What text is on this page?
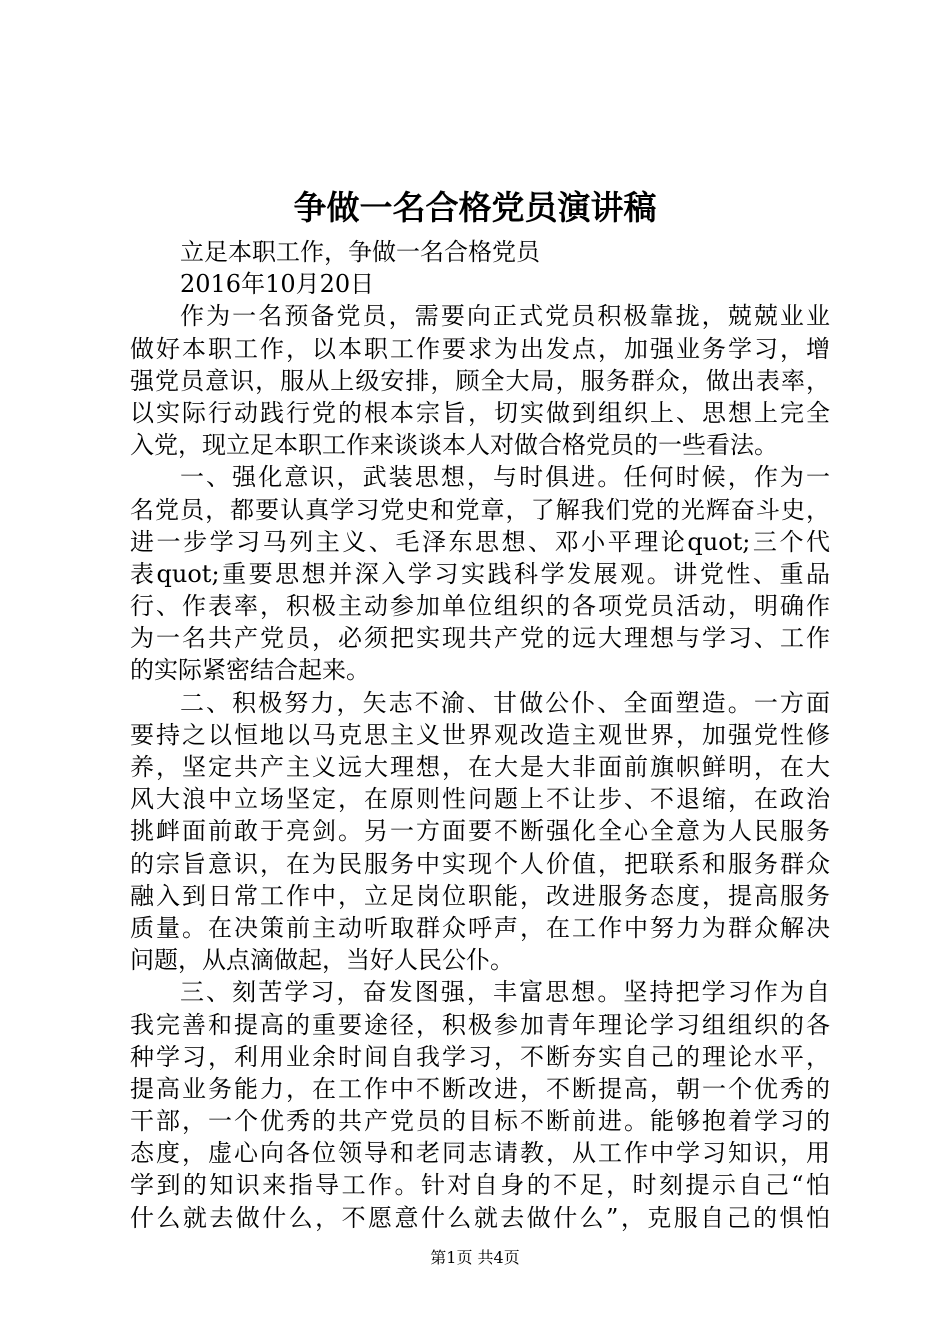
争做一名合格党员演讲稿
立足本职工作，争做一名合格党员
2016年10月20日
作为一名预备党员，需要向正式党员积极靠拢，兢兢业业
做好本职工作，以本职工作要求为出发点，加强业务学习，增
强党员意识，服从上级安排，顾全大局，服务群众，做出表率，
以实际行动践行党的根本宗旨，切实做到组织上、思想上完全
入党，现立足本职工作来谈谈本人对做合格党员的一些看法。
一、强化意识，武装思想，与时俱进。任何时候，作为一
名党员，都要认真学习党史和党章，了解我们党的光辉奋斗史，
进一步学习马列主义、毛泽东思想、邓小平理论quot;三个代
表quot;重要思想并深入学习实践科学发展观。讲党性、重品
行、作表率，积极主动参加单位组织的各项党员活动，明确作
为一名共产党员，必须把实现共产党的远大理想与学习、工作
的实际紧密结合起来。
二、积极努力，矢志不渝、甘做公仆、全面塑造。一方面
要持之以恒地以马克思主义世界观改造主观世界，加强党性修
养，坚定共产主义远大理想，在大是大非面前旗帜鲜明，在大
风大浪中立场坚定，在原则性问题上不让步、不退缩，在政治
挑衅面前敢于亮剑。另一方面要不断强化全心全意为人民服务
的宗旨意识，在为民服务中实现个人价值，把联系和服务群众
融入到日常工作中，立足岗位职能，改进服务态度，提高服务
质量。在决策前主动听取群众呼声，在工作中努力为群众解决
问题，从点滴做起，当好人民公仆。
三、刻苦学习，奋发图强，丰富思想。坚持把学习作为自
我完善和提高的重要途径，积极参加青年理论学习组组织的各
种学习，利用业余时间自我学习，不断夯实自己的理论水平，
提高业务能力，在工作中不断改进，不断提高，朝一个优秀的
干部，一个优秀的共产党员的目标不断前进。能够抱着学习的
态度，虚心向各位领导和老同志请教，从工作中学习知识，用
学到的知识来指导工作。针对自身的不足，时刻提示自己“怕
什么就去做什么，不愿意什么就去做什么”，克服自己的惧怕
第1页 共4页
